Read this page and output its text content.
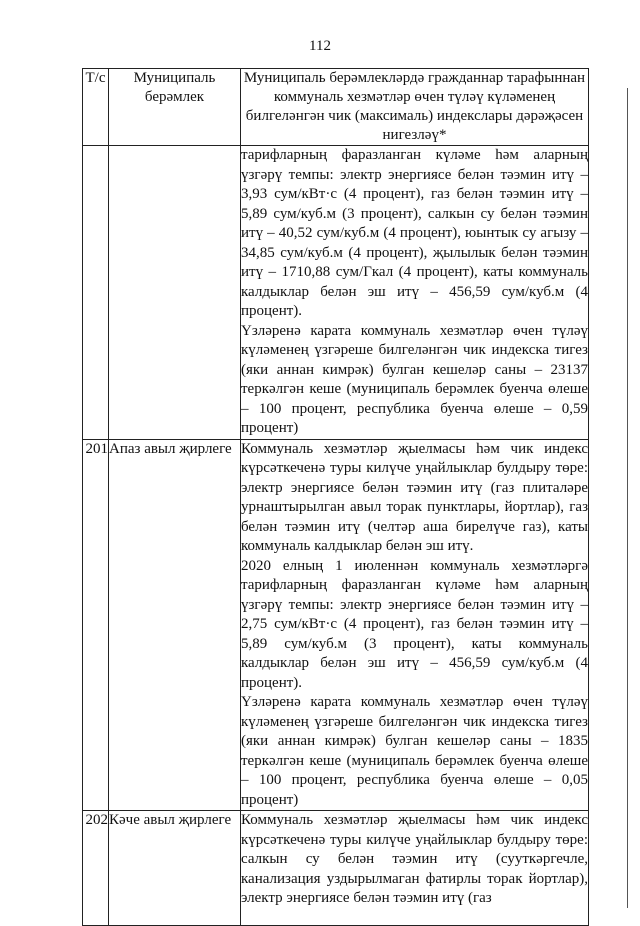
112
Т/с	Муниципаль берәмлек	Муниципаль берәмлекләрдә гражданнар тарафыннан коммуналь хезмәтләр өчен түләү күләменең билгеләнгән чик (максималь) индекслары дәрәҗәсен нигезләү*

		тарифларның фаразланган күләме һәм аларның үзгәрү темпы: электр энергиясе белән тәэмин итү – 3,93 сум/кВт·с (4 процент), газ белән тәэмин итү – 5,89 сум/куб.м (3 процент), салкын су белән тәэмин итү – 40,52 сум/куб.м (4 процент), юынтык су агызу – 34,85 сум/куб.м (4 процент), җылылык белән тәэмин итү – 1710,88 сум/Гкал (4 процент), каты коммуналь калдыклар белән эш итү – 456,59 сум/куб.м (4 процент).

Үзләренә карата коммуналь хезмәтләр өчен түләү күләменең үзгәреше билгеләнгән чик индекска тигез (яки аннан кимрәк) булган кешеләр саны – 23137 теркәлгән кеше (муниципаль берәмлек буенча өлеше – 100 процент, республика буенча өлеше – 0,59 процент)

201	Апаз авыл җирлеге	Коммуналь хезмәтләр җыелмасы һәм чик индекс күрсәткеченә туры килүче уңайлыклар булдыру төре: электр энергиясе белән тәэмин итү (газ плиталәре урнаштырылган авыл торак пунктлары, йортлар), газ белән тәэмин итү (челтәр аша бирелүче газ), каты коммуналь калдыклар белән эш итү.

2020 елның 1 июленнән коммуналь хезмәтләргә тарифларның фаразланган күләме һәм аларның үзгәрү темпы: электр энергиясе белән тәэмин итү – 2,75 сум/кВт·с (4 процент), газ белән тәэмин итү – 5,89 сум/куб.м (3 процент), каты коммуналь калдыклар белән эш итү – 456,59 сум/куб.м (4 процент).

Үзләренә карата коммуналь хезмәтләр өчен түләү күләменең үзгәреше билгеләнгән чик индекска тигез (яки аннан кимрәк) булган кешеләр саны – 1835 теркәлгән кеше (муниципаль берәмлек буенча өлеше – 100 процент, республика буенча өлеше – 0,05 процент)

202	Кәче авыл җирлеге	Коммуналь хезмәтләр җыелмасы һәм чик индекс күрсәткеченә туры килүче уңайлыклар булдыру төре: салкын су белән тәэмин итү (сууткәргечле, канализация уздырылмаган фатирлы торак йортлар), электр энергиясе белән тәэмин итү (газ
